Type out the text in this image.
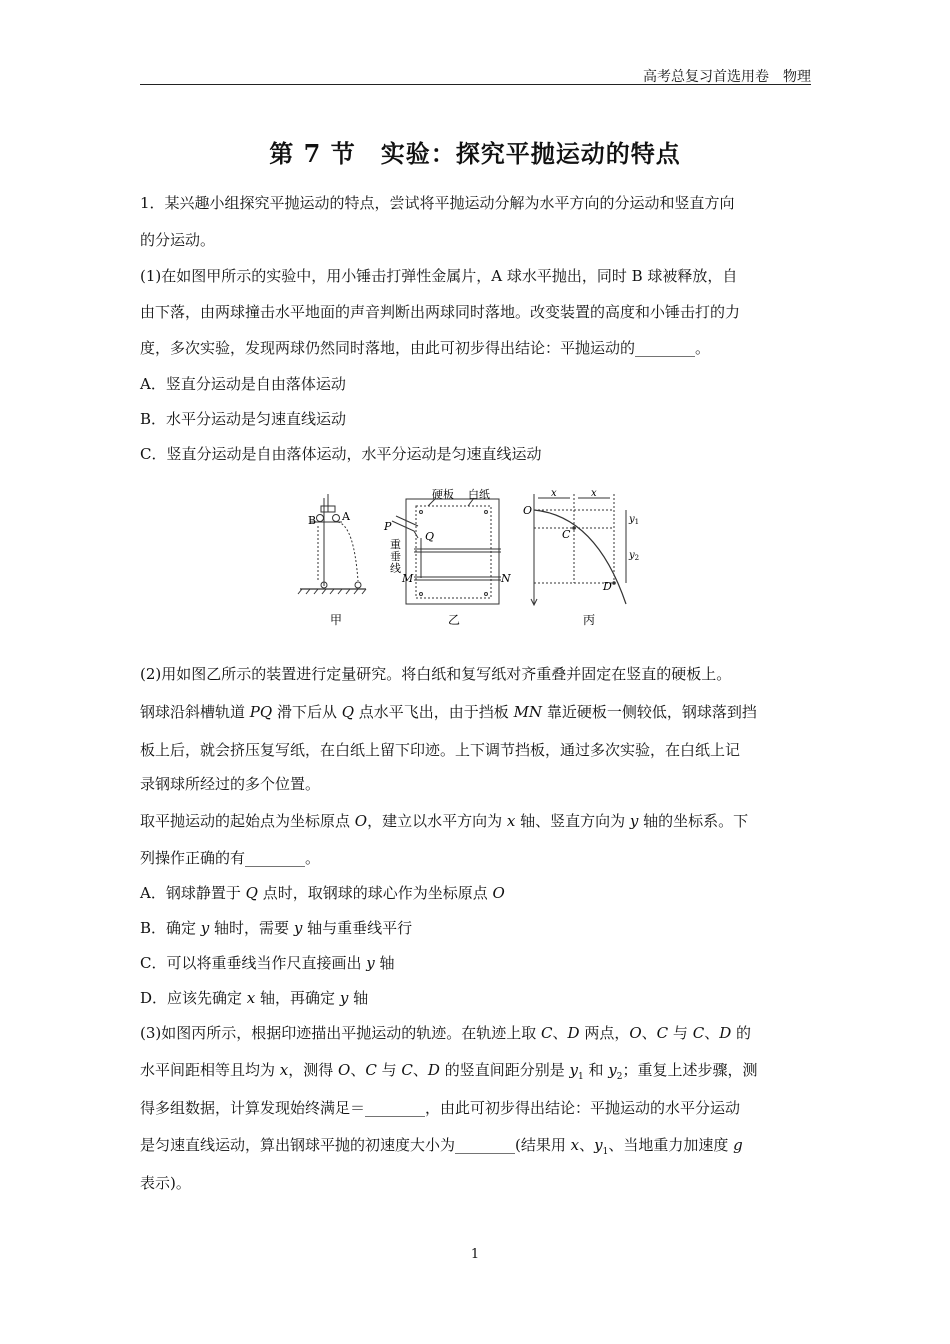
高考总复习首选用卷　物理
第 7 节　实验：探究平抛运动的特点
1．某兴趣小组探究平抛运动的特点，尝试将平抛运动分解为水平方向的分运动和竖直方向
的分运动。
(1)在如图甲所示的实验中，用小锤击打弹性金属片，A 球水平抛出，同时 B 球被释放，自
由下落，由两球撞击水平地面的声音判断出两球同时落地。改变装置的高度和小锤击打的力
度，多次实验，发现两球仍然同时落地，由此可初步得出结论：平抛运动的________。
A．竖直分运动是自由落体运动
B．水平分运动是匀速直线运动
C．竖直分运动是自由落体运动，水平分运动是匀速直线运动
B A
甲
硬板 白纸
P
Q
重
垂
线
M	N
乙
O
C
D
x	x
$y_1$
$y_2$
丙
(2)用如图乙所示的装置进行定量研究。将白纸和复写纸对齐重叠并固定在竖直的硬板上。
钢球沿斜槽轨道 PQ 滑下后从 Q 点水平飞出，由于挡板 MN 靠近硬板一侧较低，钢球落到挡
板上后，就会挤压复写纸，在白纸上留下印迹。上下调节挡板，通过多次实验，在白纸上记
录钢球所经过的多个位置。
取平抛运动的起始点为坐标原点 O，建立以水平方向为 x 轴、竖直方向为 y 轴的坐标系。下
列操作正确的有________。
A．钢球静置于 Q 点时，取钢球的球心作为坐标原点 O
B．确定 y 轴时，需要 y 轴与重垂线平行
C．可以将重垂线当作尺直接画出 y 轴
D．应该先确定 x 轴，再确定 y 轴
(3)如图丙所示，根据印迹描出平抛运动的轨迹。在轨迹上取 C、D 两点，O、C 与 C、D 的
水平间距相等且均为 x，测得 O、C 与 C、D 的竖直间距分别是 $y_1$ 和 $y_2$；重复上述步骤，测
得多组数据，计算发现始终满足＝________，由此可初步得出结论：平抛运动的水平分运动
是匀速直线运动，算出钢球平抛的初速度大小为________(结果用 x、$y_1$、当地重力加速度 g
表示)。
1
